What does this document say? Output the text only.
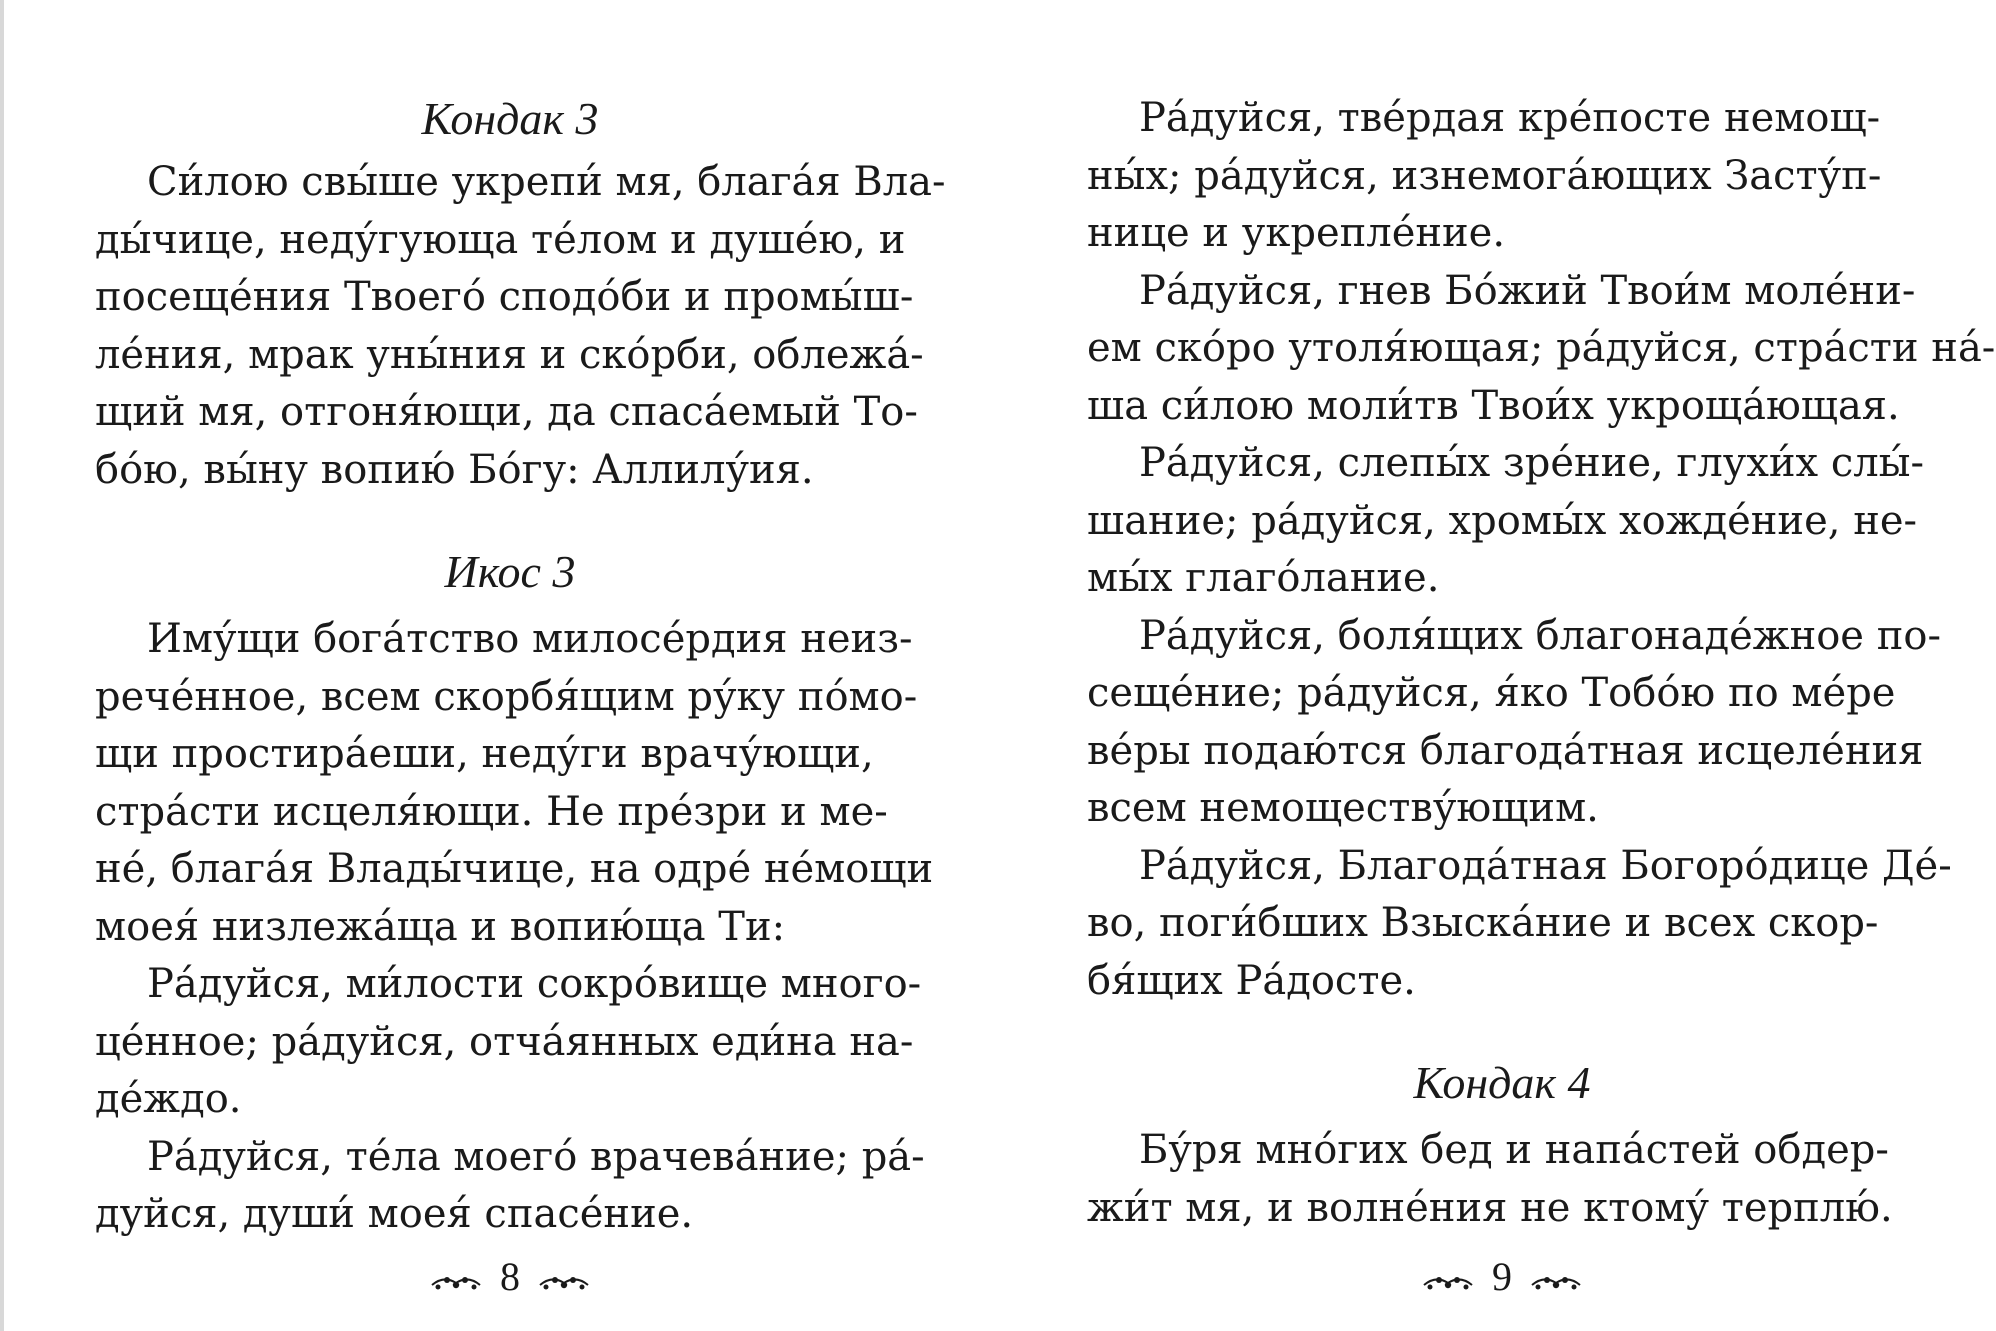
Кондак 3
Си́лою свы́ше укрепи́ мя, блага́я Вла-
ды́чице, неду́гующа те́лом и душе́ю, и
посеще́ния Твоего́ сподо́би и промы́ш-
ле́ния, мрак уны́ния и ско́рби, облежа́-
щий мя, отгоня́ющи, да спаса́емый То-
бо́ю, вы́ну вопию́ Бо́гу: Аллилу́ия.
Икос 3
Иму́щи бога́тство милосе́рдия неиз-
рече́нное, всем скорбя́щим ру́ку по́мо-
щи простира́еши, неду́ги врачу́ющи,
стра́сти исцеля́ющи. Не пре́зри и ме-
не́, блага́я Влады́чице, на одре́ не́мощи
моея́ низлежа́ща и вопию́ща Ти:
Ра́дуйся, ми́лости сокро́вище много-
це́нное; ра́дуйся, отча́янных еди́на на-
де́ждо.
Ра́дуйся, те́ла моего́ врачева́ние; ра́-
дуйся, души́ моея́ спасе́ние.
8
Ра́дуйся, тве́рдая кре́посте немощ-
ны́х; ра́дуйся, изнемога́ющих Засту́п-
нице и укрепле́ние.
Ра́дуйся, гнев Бо́жий Твои́м моле́ни-
ем ско́ро утоля́ющая; ра́дуйся, стра́сти на́-
ша си́лою моли́тв Твои́х укроща́ющая.
Ра́дуйся, слепы́х зре́ние, глухи́х слы́-
шание; ра́дуйся, хромы́х хожде́ние, не-
мы́х глаго́лание.
Ра́дуйся, боля́щих благонаде́жное по-
сеще́ние; ра́дуйся, я́ко Тобо́ю по ме́ре
ве́ры подаю́тся благода́тная исцеле́ния
всем немоществу́ющим.
Ра́дуйся, Благода́тная Богоро́дице Де́-
во, поги́бших Взыска́ние и всех скор-
бя́щих Ра́досте.
Кондак 4
Бу́ря мно́гих бед и напа́стей обдер-
жи́т мя, и волне́ния не ктому́ терплю́.
9
